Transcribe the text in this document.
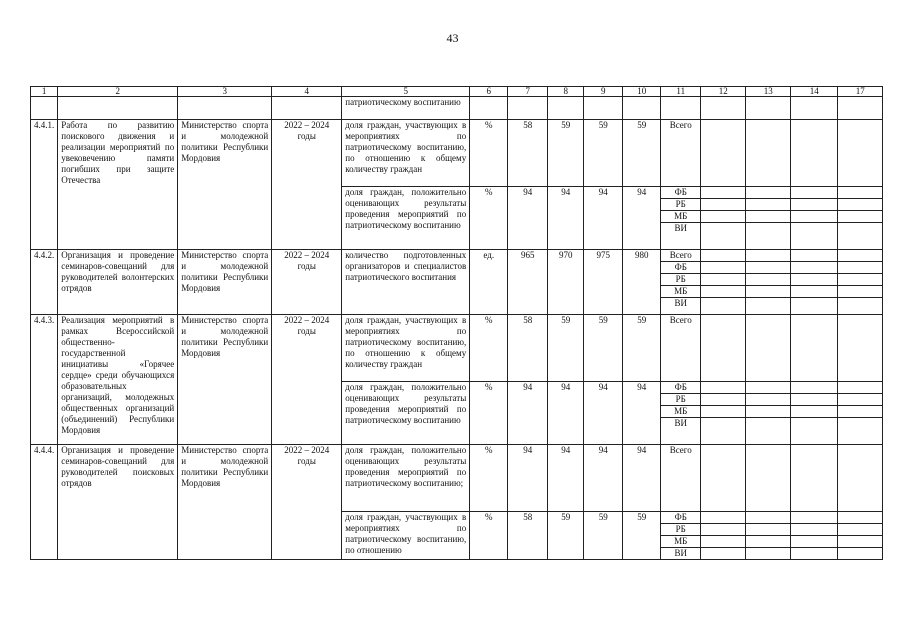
43
1	2	3	4	5	6	7	8	9	10	11	12	13	14	17
				патриотическому воспитанию										
4.4.1.	Работа по развитию поискового движения и реализации мероприятий по увековечению памяти погибших при защите Отечества	Министерство спорта и молодежной политики Республики Мордовия	2022 – 2024 годы	доля граждан, участвующих в мероприятиях по патриотическому воспитанию, по отношению к общему количеству граждан	%	58	59	59	59	Всего				
				доля граждан, положительно оценивающих результаты проведения мероприятий по патриотическому воспитанию	%	94	94	94	94	ФБ				
										РБ				
										МБ				
										ВИ				
4.4.2.	Организация и проведение семинаров-совещаний для руководителей волонтерских отрядов	Министерство спорта и молодежной политики Республики Мордовия	2022 – 2024 годы	количество подготовленных организаторов и специалистов патриотического воспитания	ед.	965	970	975	980	Всего				
										ФБ				
										РБ				
										МБ				
										ВИ				
4.4.3.	Реализация мероприятий в рамках Всероссийской общественно-государственной инициативы «Горячее сердце» среди обучающихся образовательных организаций, молодежных общественных организаций (объединений) Республики Мордовия	Министерство спорта и молодежной политики Республики Мордовия	2022 – 2024 годы	доля граждан, участвующих в мероприятиях по патриотическому воспитанию, по отношению к общему количеству граждан	%	58	59	59	59	Всего				
				доля граждан, положительно оценивающих результаты проведения мероприятий по патриотическому воспитанию	%	94	94	94	94	ФБ				
										РБ				
										МБ				
										ВИ				
4.4.4.	Организация и проведение семинаров-совещаний для руководителей поисковых отрядов	Министерство спорта и молодежной политики Республики Мордовия	2022 – 2024 годы	доля граждан, положительно оценивающих результаты проведения мероприятий по патриотическому воспитанию;	%	94	94	94	94	Всего				
				доля граждан, участвующих в мероприятиях по патриотическому воспитанию, по отношению	%	58	59	59	59	ФБ				
										РБ				
										МБ				
										ВИ				
